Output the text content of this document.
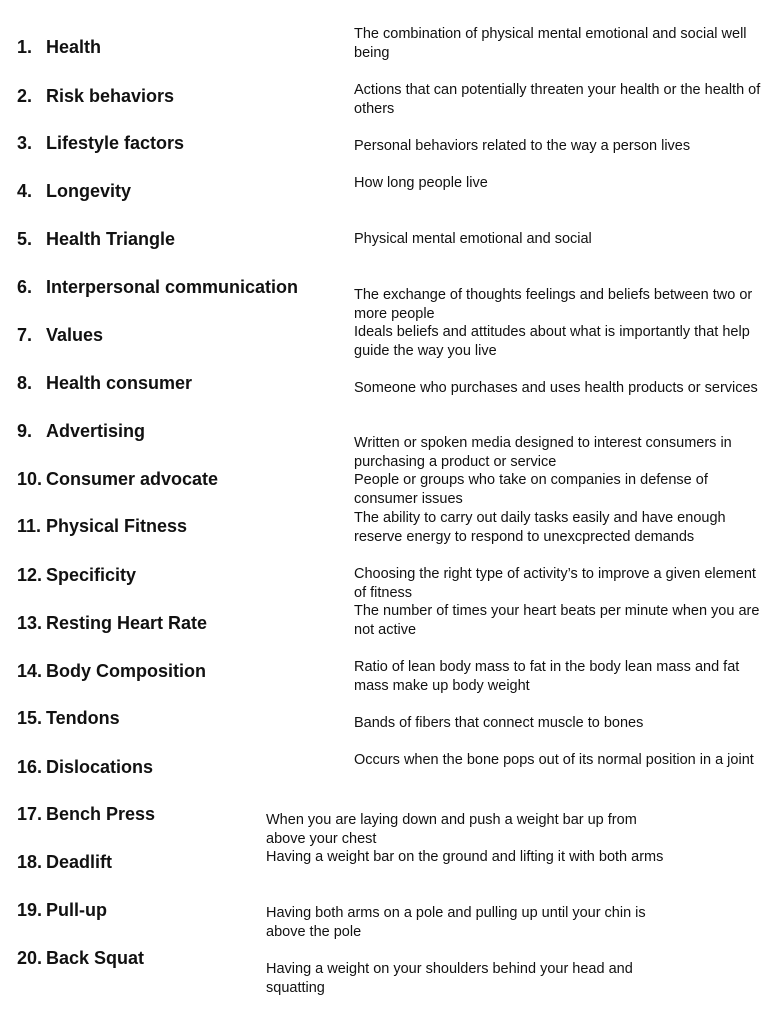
1. Health
2. Risk behaviors
3. Lifestyle factors
4. Longevity
5. Health Triangle
6. Interpersonal communication
7. Values
8. Health consumer
9. Advertising
10. Consumer advocate
11. Physical Fitness
12. Specificity
13. Resting Heart Rate
14. Body Composition
15. Tendons
16. Dislocations
17. Bench Press
18. Deadlift
19. Pull-up
20. Back Squat
The combination of physical mental emotional and social well being
Actions that can potentially threaten your health or the health of others
Personal behaviors related to the way a person lives
How long people live
Physical mental emotional and social
The exchange of thoughts feelings and beliefs between two or more people
Ideals beliefs and attitudes about what is importantly that help guide the way you live
Someone who purchases and uses health products or services
Written or spoken media designed to interest consumers in purchasing a product or service
People or groups who take on companies in defense of consumer issues
The ability to carry out daily tasks easily and have enough reserve energy to respond to unexcprected demands
Choosing the right type of activity’s to improve a given element of fitness
The number of times your heart beats per minute when you are not active
Ratio of lean body mass to fat in the body lean mass and fat mass make up body weight
Bands of fibers that connect muscle to bones
Occurs when the bone pops out of its normal position in a joint
When you are laying down and push a weight bar up from above your chest
Having a weight bar on the ground and lifting it with both arms
Having both arms on a pole and pulling up until your chin is above the pole
Having a weight on your shoulders behind your head and squatting
